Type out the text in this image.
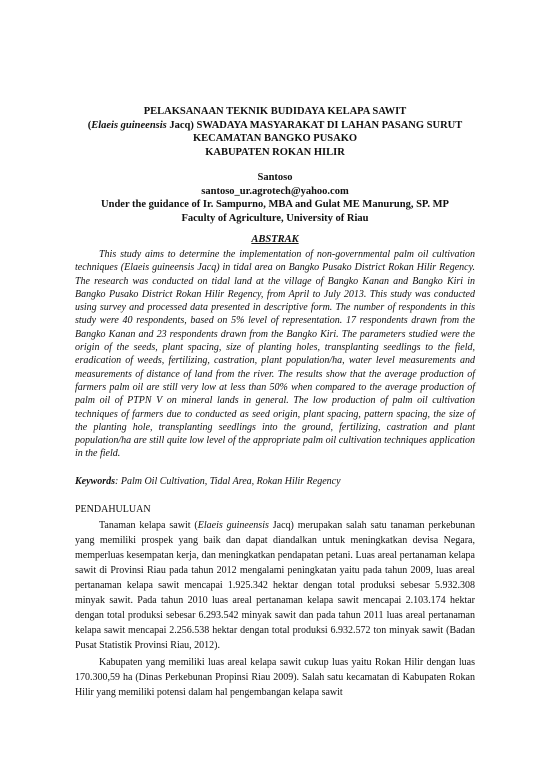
PELAKSANAAN TEKNIK BUDIDAYA KELAPA SAWIT
(Elaeis guineensis Jacq) SWADAYA MASYARAKAT DI LAHAN PASANG SURUT
KECAMATAN BANGKO PUSAKO
KABUPATEN ROKAN HILIR
Santoso
santoso_ur.agrotech@yahoo.com
Under the guidance of Ir. Sampurno, MBA and Gulat ME Manurung, SP. MP
Faculty of Agriculture, University of Riau
ABSTRAK

This study aims to determine the implementation of non-governmental palm oil cultivation techniques (Elaeis guineensis Jacq) in tidal area on Bangko Pusako District Rokan Hilir Regency. The research was conducted on tidal land at the village of Bangko Kanan and Bangko Kiri in Bangko Pusako District Rokan Hilir Regency, from April to July 2013. This study was conducted using survey and processed data presented in descriptive form. The number of respondents in this study were 40 respondents, based on 5% level of representation. 17 respondents drawn from the Bangko Kanan and 23 respondents drawn from the Bangko Kiri. The parameters studied were the origin of the seeds, plant spacing, size of planting holes, transplanting seedlings to the field, eradication of weeds, fertilizing, castration, plant population/ha, water level measurements and measurements of distance of land from the river. The results show that the average production of farmers palm oil are still very low at less than 50% when compared to the average production of palm oil of PTPN V on mineral lands in general. The low production of palm oil cultivation techniques of farmers due to conducted as seed origin, plant spacing, pattern spacing, the size of the planting hole, transplanting seedlings into the ground, fertilizing, castration and plant population/ha are still quite low level of the appropriate palm oil cultivation techniques application in the field.

Keywords: Palm Oil Cultivation, Tidal Area, Rokan Hilir Regency
PENDAHULUAN

Tanaman kelapa sawit (Elaeis guineensis Jacq) merupakan salah satu tanaman perkebunan yang memiliki prospek yang baik dan dapat diandalkan untuk meningkatkan devisa Negara, memperluas kesempatan kerja, dan meningkatkan pendapatan petani. Luas areal pertanaman kelapa sawit di Provinsi Riau pada tahun 2012 mengalami peningkatan yaitu pada tahun 2009, luas areal pertanaman kelapa sawit mencapai 1.925.342 hektar dengan total produksi sebesar 5.932.308 minyak sawit. Pada tahun 2010 luas areal pertanaman kelapa sawit mencapai 2.103.174 hektar dengan total produksi sebesar 6.293.542 minyak sawit dan pada tahun 2011 luas areal pertanaman kelapa sawit mencapai 2.256.538 hektar dengan total produksi 6.932.572 ton minyak sawit (Badan Pusat Statistik Provinsi Riau, 2012).

Kabupaten yang memiliki luas areal kelapa sawit cukup luas yaitu Rokan Hilir dengan luas 170.300,59 ha (Dinas Perkebunan Propinsi Riau 2009). Salah satu kecamatan di Kabupaten Rokan Hilir yang memiliki potensi dalam hal pengembangan kelapa sawit
